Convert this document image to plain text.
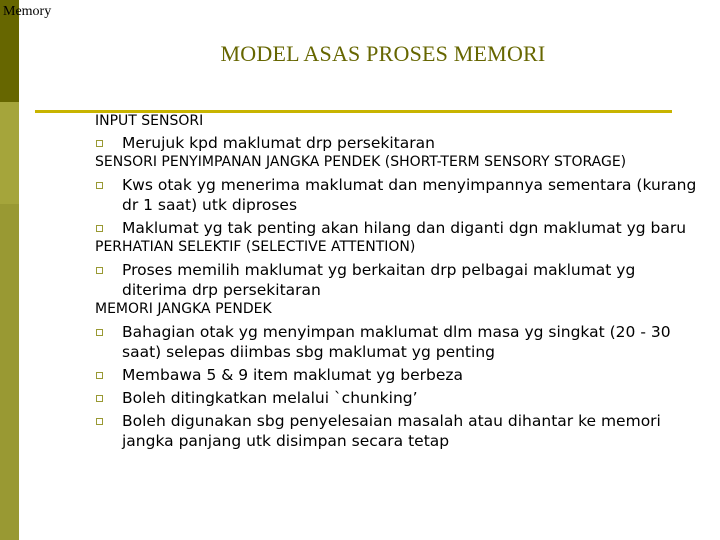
Memory
MODEL ASAS PROSES MEMORI
INPUT SENSORI
Merujuk kpd maklumat drp persekitaran
SENSORI PENYIMPANAN JANGKA PENDEK (SHORT-TERM SENSORY STORAGE)
Kws otak yg menerima maklumat dan menyimpannya sementara (kurang dr 1 saat) utk diproses
Maklumat yg tak penting akan hilang dan diganti dgn maklumat yg baru
PERHATIAN SELEKTIF (SELECTIVE ATTENTION)
Proses memilih maklumat yg berkaitan drp pelbagai maklumat yg diterima drp persekitaran
MEMORI JANGKA PENDEK
Bahagian otak yg menyimpan maklumat dlm masa yg singkat (20 - 30 saat) selepas diimbas sbg maklumat yg penting
Membawa 5 & 9 item maklumat yg berbeza
Boleh ditingkatkan melalui `chunking’
Boleh digunakan sbg penyelesaian masalah atau dihantar ke memori jangka panjang utk disimpan secara tetap
